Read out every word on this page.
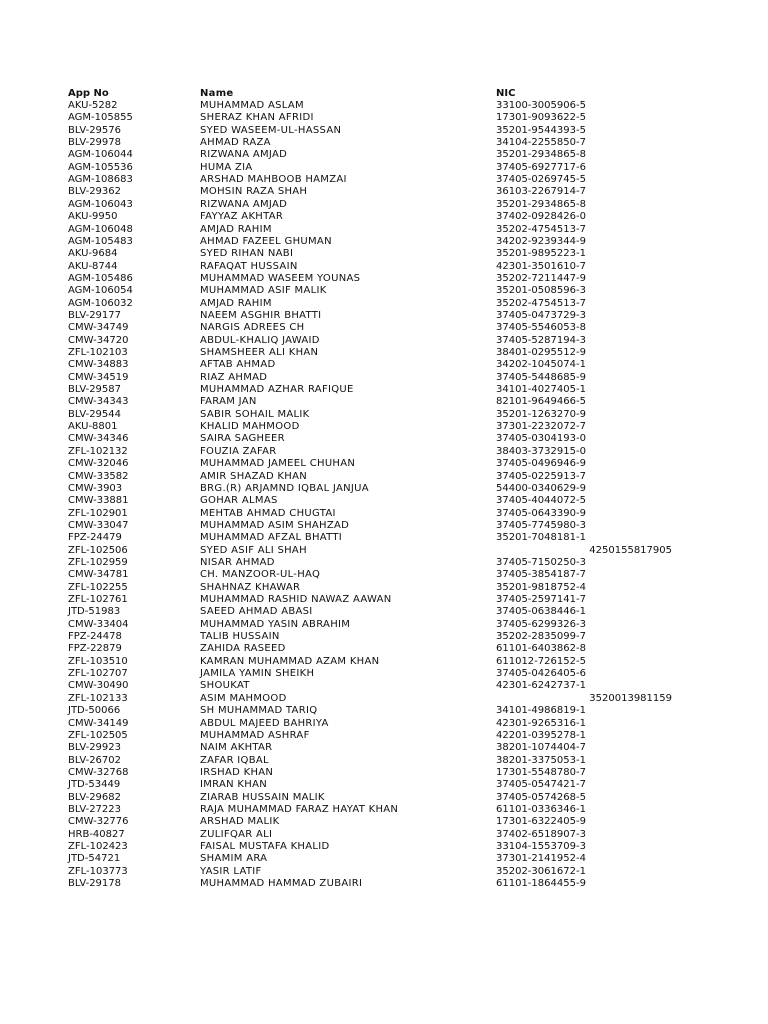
App No	Name	NIC
AKU-5282	MUHAMMAD ASLAM	33100-3005906-5
AGM-105855	SHERAZ KHAN AFRIDI	17301-9093622-5
BLV-29576	SYED WASEEM-UL-HASSAN	35201-9544393-5
BLV-29978	AHMAD RAZA	34104-2255850-7
AGM-106044	RIZWANA AMJAD	35201-2934865-8
AGM-105536	HUMA ZIA	37405-6927717-6
AGM-108683	ARSHAD MAHBOOB HAMZAI	37405-0269745-5
BLV-29362	MOHSIN RAZA SHAH	36103-2267914-7
AGM-106043	RIZWANA AMJAD	35201-2934865-8
AKU-9950	FAYYAZ AKHTAR	37402-0928426-0
AGM-106048	AMJAD RAHIM	35202-4754513-7
AGM-105483	AHMAD FAZEEL GHUMAN	34202-9239344-9
AKU-9684	SYED RIHAN NABI	35201-9895223-1
AKU-8744	RAFAQAT HUSSAIN	42301-3501610-7
AGM-105486	MUHAMMAD WASEEM YOUNAS	35202-7211447-9
AGM-106054	MUHAMMAD ASIF MALIK	35201-0508596-3
AGM-106032	AMJAD RAHIM	35202-4754513-7
BLV-29177	NAEEM ASGHIR BHATTI	37405-0473729-3
CMW-34749	NARGIS ADREES CH	37405-5546053-8
CMW-34720	ABDUL-KHALIQ JAWAID	37405-5287194-3
ZFL-102103	SHAMSHEER ALI KHAN	38401-0295512-9
CMW-34883	AFTAB AHMAD	34202-1045074-1
CMW-34519	RIAZ AHMAD	37405-5448685-9
BLV-29587	MUHAMMAD AZHAR RAFIQUE	34101-4027405-1
CMW-34343	FARAM JAN	82101-9649466-5
BLV-29544	SABIR SOHAIL MALIK	35201-1263270-9
AKU-8801	KHALID MAHMOOD	37301-2232072-7
CMW-34346	SAIRA SAGHEER	37405-0304193-0
ZFL-102132	FOUZIA ZAFAR	38403-3732915-0
CMW-32046	MUHAMMAD JAMEEL CHUHAN	37405-0496946-9
CMW-33582	AMIR SHAZAD KHAN	37405-0225913-7
CMW-3903	BRG.(R) ARJAMND IQBAL JANJUA	54400-0340629-9
CMW-33881	GOHAR ALMAS	37405-4044072-5
ZFL-102901	MEHTAB AHMAD CHUGTAI	37405-0643390-9
CMW-33047	MUHAMMAD ASIM SHAHZAD	37405-7745980-3
FPZ-24479	MUHAMMAD AFZAL BHATTI	35201-7048181-1
ZFL-102506	SYED ASIF ALI SHAH	4250155817905
ZFL-102959	NISAR AHMAD	37405-7150250-3
CMW-34781	CH. MANZOOR-UL-HAQ	37405-3854187-7
ZFL-102255	SHAHNAZ KHAWAR	35201-9818752-4
ZFL-102761	MUHAMMAD RASHID NAWAZ AAWAN	37405-2597141-7
JTD-51983	SAEED AHMAD ABASI	37405-0638446-1
CMW-33404	MUHAMMAD YASIN ABRAHIM	37405-6299326-3
FPZ-24478	TALIB HUSSAIN	35202-2835099-7
FPZ-22879	ZAHIDA RASEED	61101-6403862-8
ZFL-103510	KAMRAN MUHAMMAD AZAM KHAN	611012-726152-5
ZFL-102707	JAMILA YAMIN SHEIKH	37405-0426405-6
CMW-30490	SHOUKAT	42301-6242737-1
ZFL-102133	ASIM MAHMOOD	3520013981159
JTD-50066	SH MUHAMMAD TARIQ	34101-4986819-1
CMW-34149	ABDUL MAJEED BAHRIYA	42301-9265316-1
ZFL-102505	MUHAMMAD ASHRAF	42201-0395278-1
BLV-29923	NAIM AKHTAR	38201-1074404-7
BLV-26702	ZAFAR IQBAL	38201-3375053-1
CMW-32768	IRSHAD KHAN	17301-5548780-7
JTD-53449	IMRAN KHAN	37405-0547421-7
BLV-29682	ZIARAB HUSSAIN MALIK	37405-0574268-5
BLV-27223	RAJA MUHAMMAD FARAZ HAYAT KHAN	61101-0336346-1
CMW-32776	ARSHAD MALIK	17301-6322405-9
HRB-40827	ZULIFQAR ALI	37402-6518907-3
ZFL-102423	FAISAL MUSTAFA KHALID	33104-1553709-3
JTD-54721	SHAMIM ARA	37301-2141952-4
ZFL-103773	YASIR LATIF	35202-3061672-1
BLV-29178	MUHAMMAD HAMMAD ZUBAIRI	61101-1864455-9
